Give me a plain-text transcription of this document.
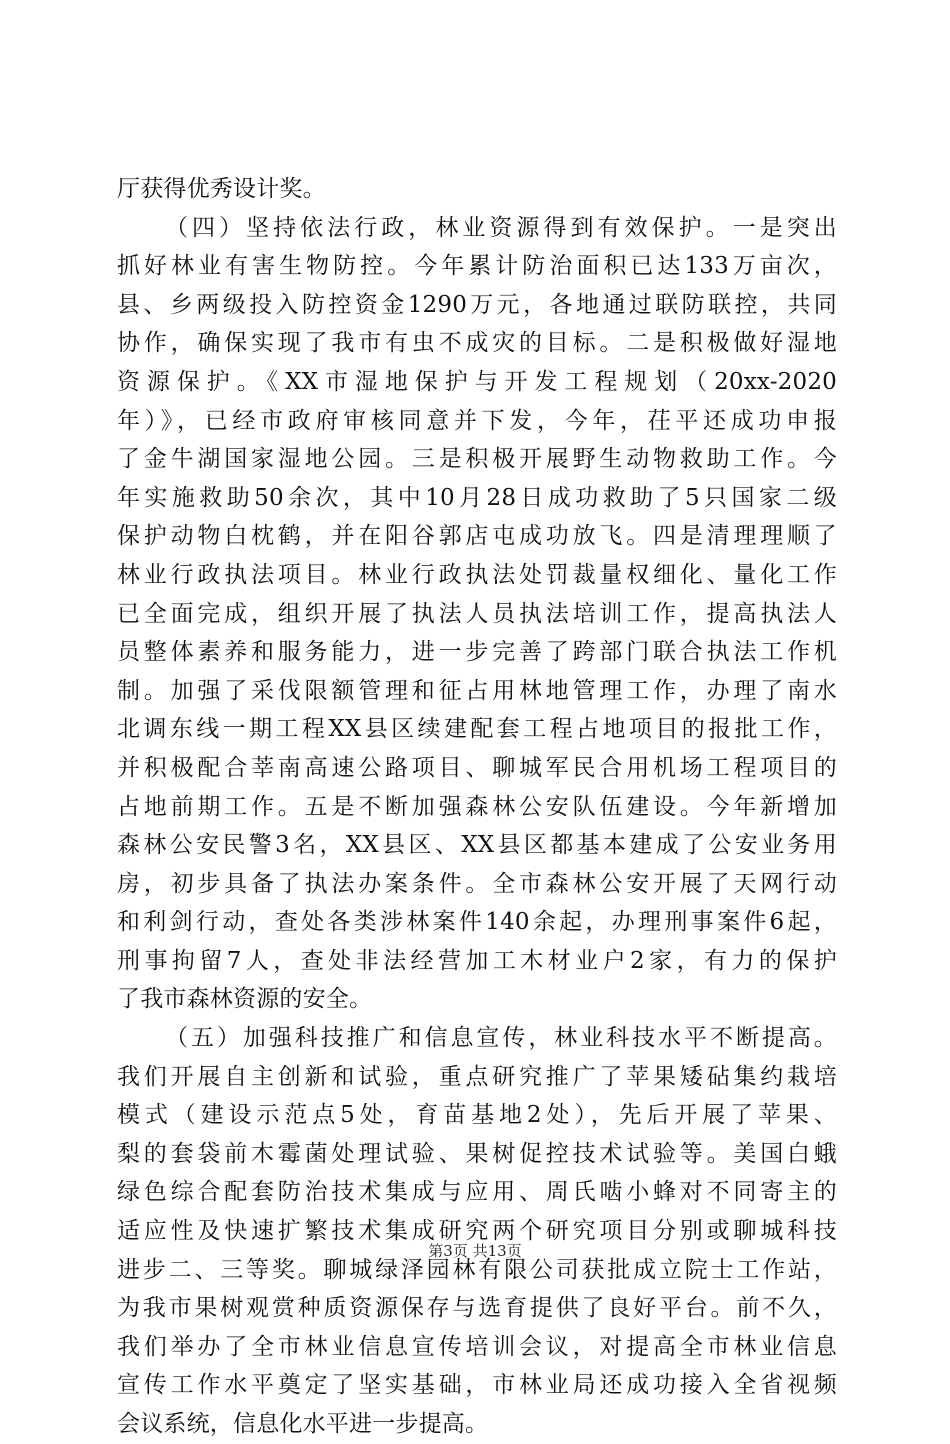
厅获得优秀设计奖。
（四）坚持依法行政，林业资源得到有效保护。一是突出
抓好林业有害生物防控。今年累计防治面积已达133万亩次，
县、乡两级投入防控资金1290万元，各地通过联防联控，共同
协作，确保实现了我市有虫不成灾的目标。二是积极做好湿地
资源保护。《XX市湿地保护与开发工程规划（20xx-2020
年）》，已经市政府审核同意并下发，今年，茌平还成功申报
了金牛湖国家湿地公园。三是积极开展野生动物救助工作。今
年实施救助50余次，其中10月28日成功救助了5只国家二级
保护动物白枕鹤，并在阳谷郭店屯成功放飞。四是清理理顺了
林业行政执法项目。林业行政执法处罚裁量权细化、量化工作
已全面完成，组织开展了执法人员执法培训工作，提高执法人
员整体素养和服务能力，进一步完善了跨部门联合执法工作机
制。加强了采伐限额管理和征占用林地管理工作，办理了南水
北调东线一期工程XX县区续建配套工程占地项目的报批工作，
并积极配合莘南高速公路项目、聊城军民合用机场工程项目的
占地前期工作。五是不断加强森林公安队伍建设。今年新增加
森林公安民警3名，XX县区、XX县区都基本建成了公安业务用
房，初步具备了执法办案条件。全市森林公安开展了天网行动
和利剑行动，查处各类涉林案件140余起，办理刑事案件6起，
刑事拘留7人，查处非法经营加工木材业户2家，有力的保护
了我市森林资源的安全。
（五）加强科技推广和信息宣传，林业科技水平不断提高。
我们开展自主创新和试验，重点研究推广了苹果矮砧集约栽培
模式（建设示范点5处，育苗基地2处），先后开展了苹果、
梨的套袋前木霉菌处理试验、果树促控技术试验等。美国白蛾
绿色综合配套防治技术集成与应用、周氏啮小蜂对不同寄主的
适应性及快速扩繁技术集成研究两个研究项目分别或聊城科技
进步二、三等奖。聊城绿泽园林有限公司获批成立院士工作站，
为我市果树观赏种质资源保存与选育提供了良好平台。前不久，
我们举办了全市林业信息宣传培训会议，对提高全市林业信息
宣传工作水平奠定了坚实基础，市林业局还成功接入全省视频
会议系统，信息化水平进一步提高。
第3页 共13页
